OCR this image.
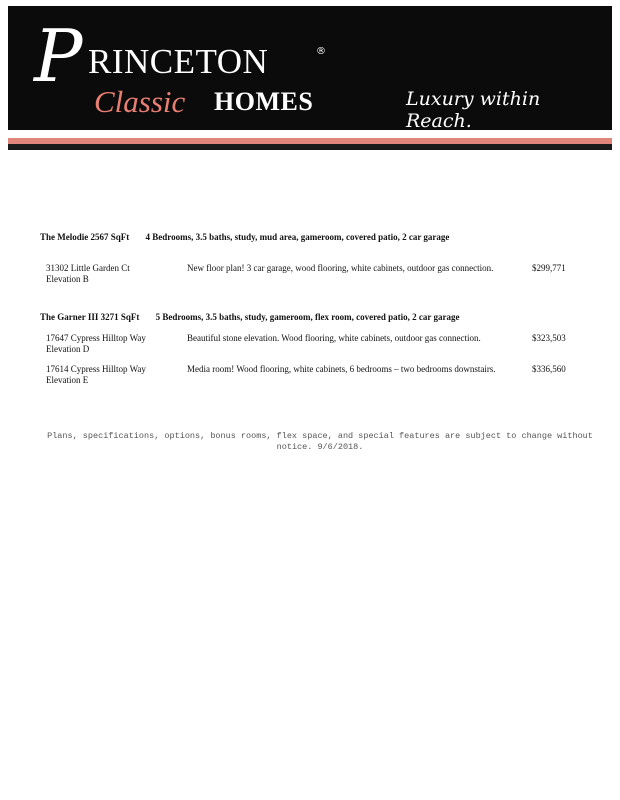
P RINCETON	®
Classic HOMES	Luxury within Reach.
The Melodie 2567 SqFt 4 Bedrooms, 3.5 baths, study, mud area, gameroom, covered patio, 2 car garage
31302 Little Garden Ct
Elevation B
New floor plan! 3 car garage, wood flooring, white cabinets, outdoor gas connection.	$299,771
The Garner III 3271 SqFt 5 Bedrooms, 3.5 baths, study, gameroom, flex room, covered patio, 2 car garage
17647 Cypress Hilltop Way
Elevation D
Beautiful stone elevation. Wood flooring, white cabinets, outdoor gas connection.	$323,503
17614 Cypress Hilltop Way
Elevation E
Media room! Wood flooring, white cabinets, 6 bedrooms – two bedrooms downstairs.	$336,560
Plans, specifications, options, bonus rooms, flex space, and special features are subject to change without notice. 9/6/2018.
